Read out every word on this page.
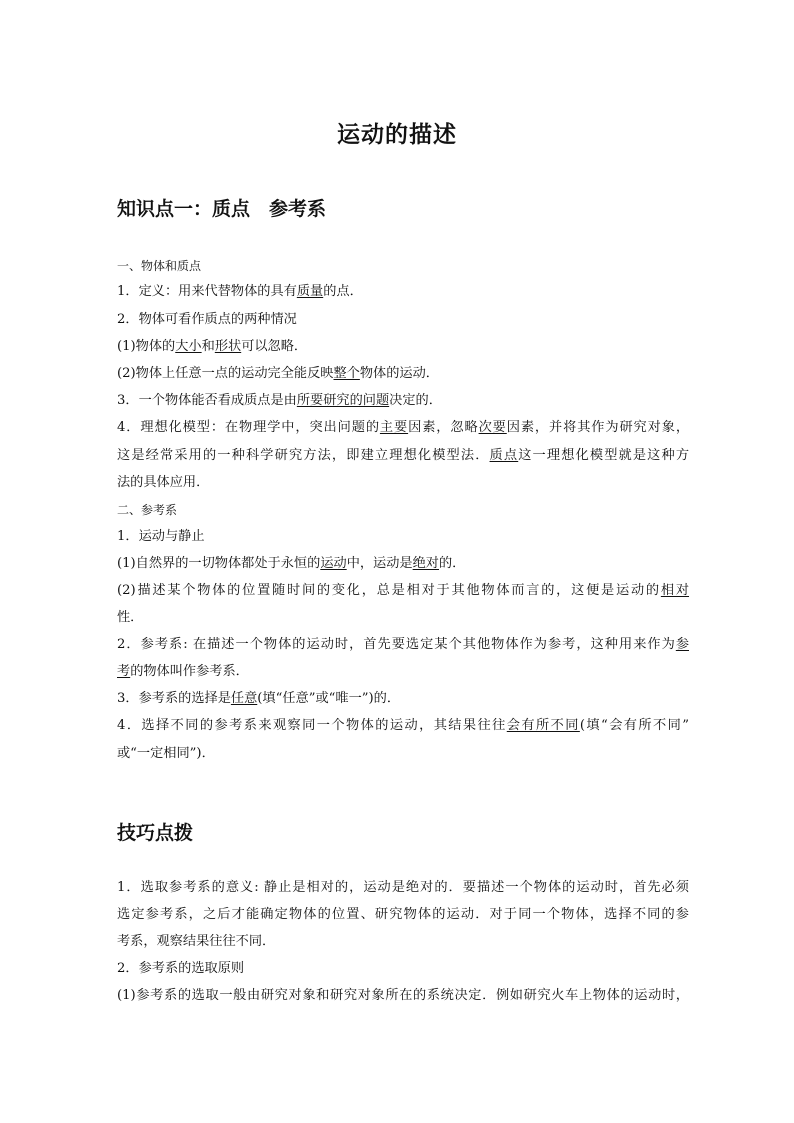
运动的描述
知识点一：质点　参考系
一、物体和质点
1．定义：用来代替物体的具有质量的点．
2．物体可看作质点的两种情况
(1)物体的大小和形状可以忽略．
(2)物体上任意一点的运动完全能反映整个物体的运动．
3．一个物体能否看成质点是由所要研究的问题决定的．
4．理想化模型：在物理学中，突出问题的主要因素，忽略次要因素，并将其作为研究对象，
这是经常采用的一种科学研究方法，即建立理想化模型法．质点这一理想化模型就是这种方
法的具体应用．
二、参考系
1．运动与静止
(1)自然界的一切物体都处于永恒的运动中，运动是绝对的．
(2)描述某个物体的位置随时间的变化，总是相对于其他物体而言的，这便是运动的相对
性．
2．参考系: 在描述一个物体的运动时，首先要选定某个其他物体作为参考，这种用来作为参
考的物体叫作参考系．
3．参考系的选择是任意(填“任意”或“唯一”)的．
4．选择不同的参考系来观察同一个物体的运动，其结果往往会有所不同(填“会有所不同”
或“一定相同”)．
技巧点拨
1．选取参考系的意义: 静止是相对的，运动是绝对的．要描述一个物体的运动时，首先必须
选定参考系，之后才能确定物体的位置、研究物体的运动．对于同一个物体，选择不同的参
考系，观察结果往往不同．
2．参考系的选取原则
(1)参考系的选取一般由研究对象和研究对象所在的系统决定．例如研究火车上物体的运动时，
